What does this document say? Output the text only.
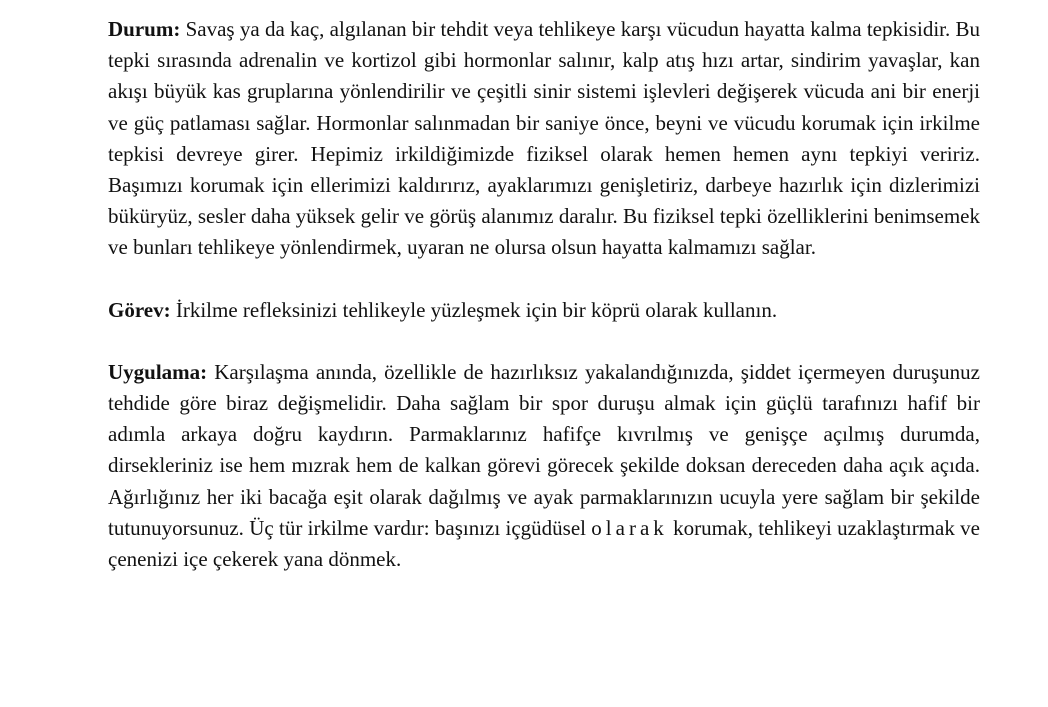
Durum: Savaş ya da kaç, algılanan bir tehdit veya tehlikeye karşı vücudun hayatta kalma tepkisidir. Bu tepki sırasında adrenalin ve kortizol gibi hormonlar salınır, kalp atış hızı artar, sindirim yavaşlar, kan akışı büyük kas gruplarına yönlendirilir ve çeşitli sinir sistemi işlevleri değişerek vücuda ani bir enerji ve güç patlaması sağlar. Hormonlar salınmadan bir saniye önce, beyni ve vücudu korumak için irkilme tepkisi devreye girer. Hepimiz irkildiğimizde fiziksel olarak hemen hemen aynı tepkiyi veririz. Başımızı korumak için ellerimizi kaldırırız, ayaklarımızı genişletiriz, darbeye hazırlık için dizlerimizi büküryüz, sesler daha yüksek gelir ve görüş alanımız daralır. Bu fiziksel tepki özelliklerini benimsemek ve bunları tehlikeye yönlendirmek, uyaran ne olursa olsun hayatta kalmamızı sağlar.

Görev: İrkilme refleksinizi tehlikeyle yüzleşmek için bir köprü olarak kullanın.

Uygulama: Karşılaşma anında, özellikle de hazırlıksız yakalandığınızda, şiddet içermeyen duruşunuz tehdide göre biraz değişmelidir. Daha sağlam bir spor duruşu almak için güçlü tarafınızı hafif bir adımla arkaya doğru kaydırın. Parmaklarınız hafifçe kıvrılmış ve genişçe açılmış durumda, dirsekleriniz ise hem mızrak hem de kalkan görevi görecek şekilde doksan dereceden daha açık açıda. Ağırlığınız her iki bacağa eşit olarak dağılmış ve ayak parmaklarınızın ucuyla yere sağlam bir şekilde tutunuyorsunuz. Üç tür irkilme vardır: başınızı içgüdüsel olarak korumak, tehlikeyi uzaklaştırmak ve çenenizi içe çekerek yana dönmek.
